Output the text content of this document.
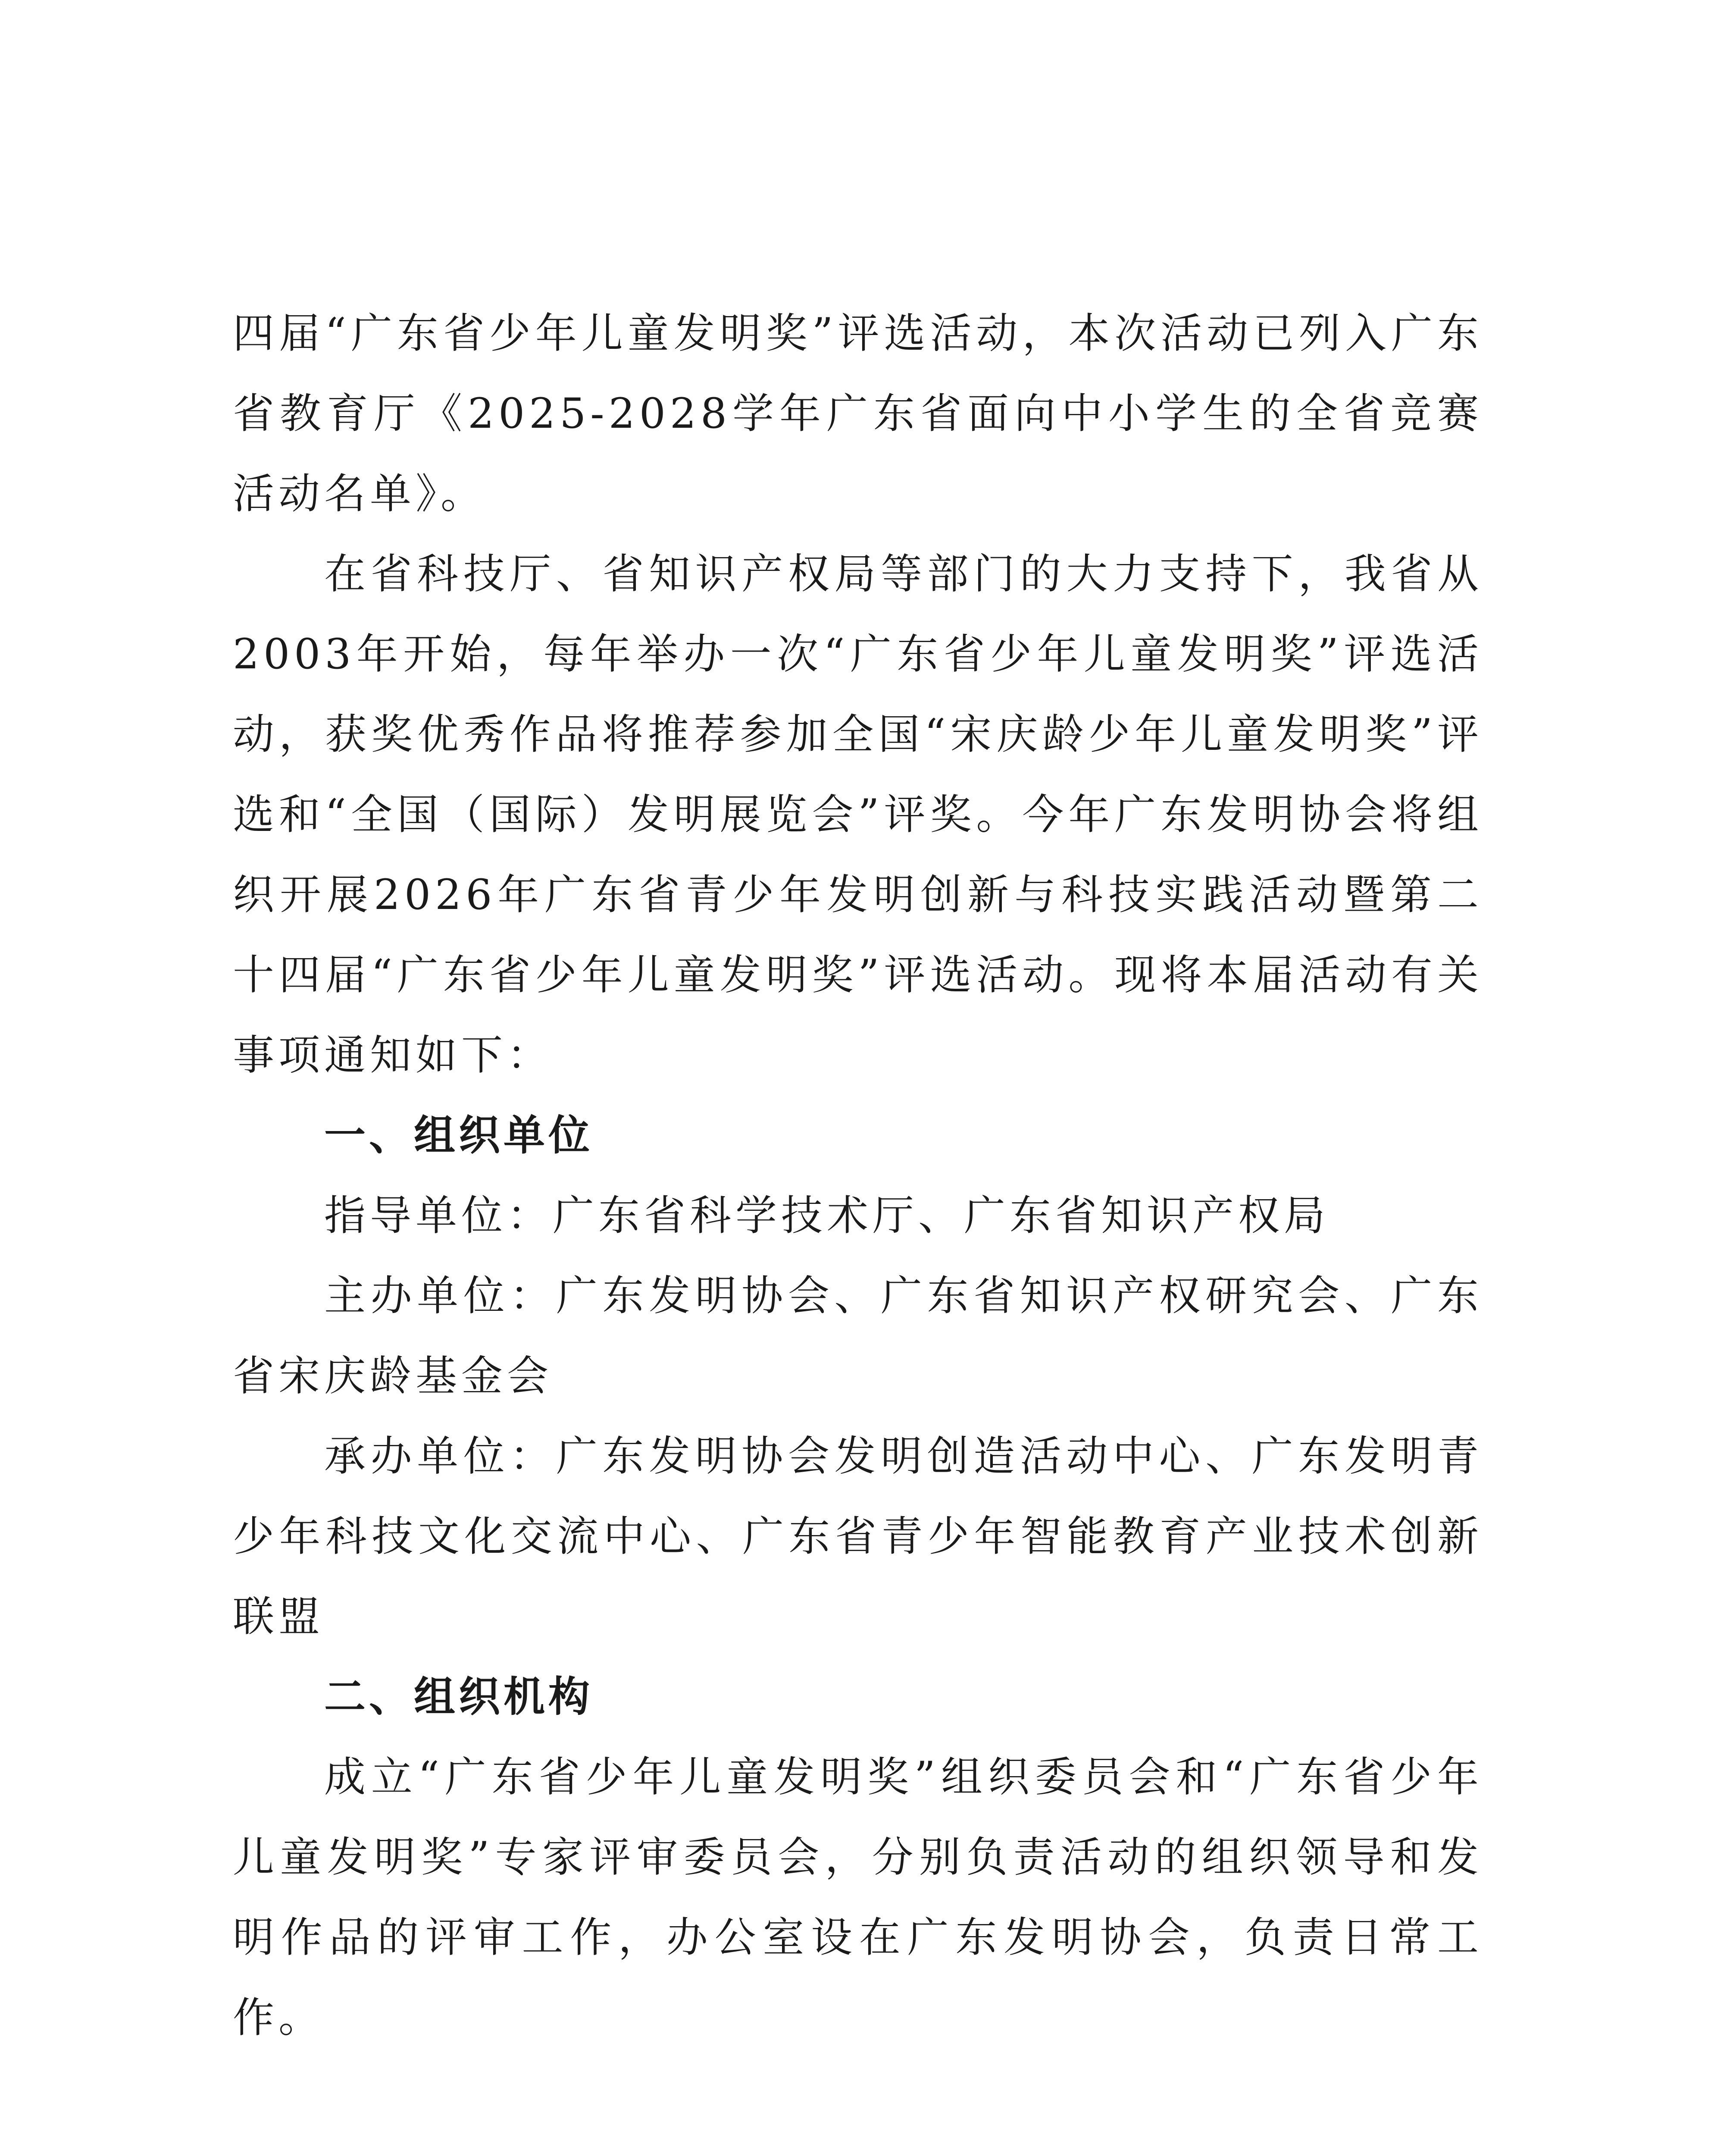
四届“广东省少年儿童发明奖”评选活动，本次活动已列入广东省教育厅《2025-2028学年广东省面向中小学生的全省竞赛活动名单》。

在省科技厅、省知识产权局等部门的大力支持下，我省从2003年开始，每年举办一次“广东省少年儿童发明奖”评选活动，获奖优秀作品将推荐参加全国“宋庆龄少年儿童发明奖”评选和“全国（国际）发明展览会”评奖。今年广东发明协会将组织开展2026年广东省青少年发明创新与科技实践活动暨第二十四届“广东省少年儿童发明奖”评选活动。现将本届活动有关事项通知如下：

一、组织单位

指导单位：广东省科学技术厅、广东省知识产权局

主办单位：广东发明协会、广东省知识产权研究会、广东省宋庆龄基金会

承办单位：广东发明协会发明创造活动中心、广东发明青少年科技文化交流中心、广东省青少年智能教育产业技术创新联盟

二、组织机构

成立“广东省少年儿童发明奖”组织委员会和“广东省少年儿童发明奖”专家评审委员会，分别负责活动的组织领导和发明作品的评审工作，办公室设在广东发明协会，负责日常工作。
